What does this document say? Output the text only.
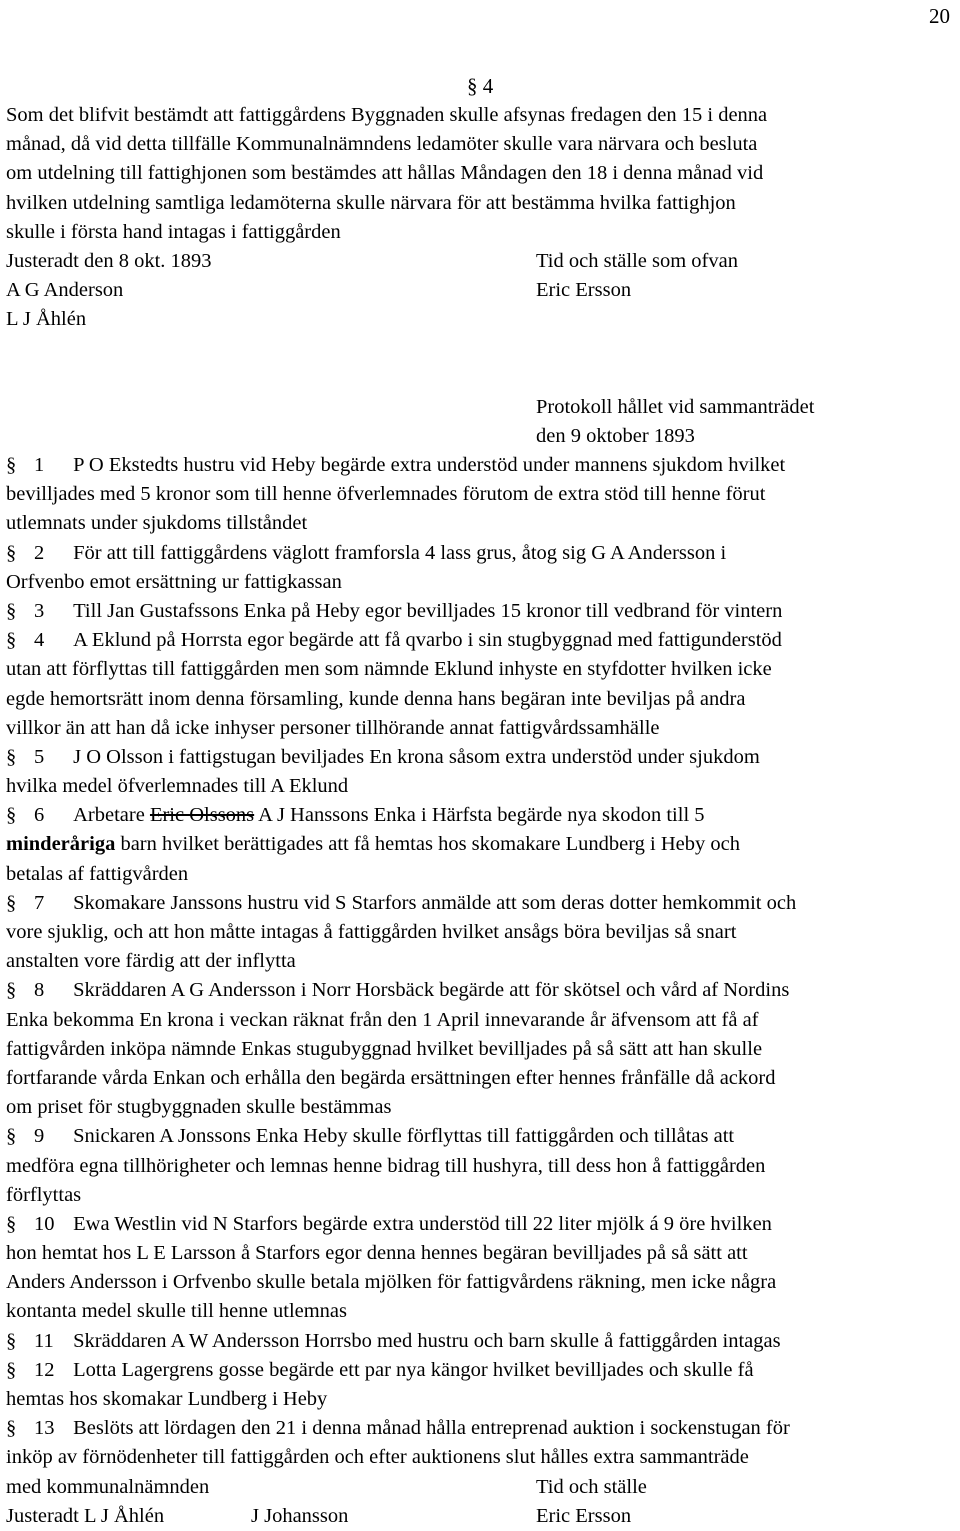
20
§ 4
Som det blifvit bestämdt att fattiggårdens Byggnaden skulle afsynas fredagen den 15 i denna
månad, då vid detta tillfälle Kommunalnämndens ledamöter skulle vara närvara och besluta
om utdelning till fattighjonen som bestämdes att hållas Måndagen den 18 i denna månad vid
hvilken utdelning samtliga ledamöterna skulle närvara för att bestämma hvilka fattighjon
skulle i första hand intagas i fattiggården
Justeradt den 8 okt. 1893	Tid och ställe som ofvan
A G Anderson	Eric Ersson
L J Åhlén
Protokoll hållet vid sammanträdet
den 9 oktober 1893
§ 1 P O Ekstedts hustru vid Heby begärde extra understöd under mannens sjukdom hvilket
bevilljades med 5 kronor som till henne öfverlemnades förutom de extra stöd till henne förut
utlemnats under sjukdoms tillståndet
§ 2 För att till fattiggårdens väglott framforsla 4 lass grus, åtog sig G A Andersson i
Orfvenbo emot ersättning ur fattigkassan
§ 3 Till Jan Gustafssons Enka på Heby egor bevilljades 15 kronor till vedbrand för vintern
§ 4 A Eklund på Horrsta egor begärde att få qvarbo i sin stugbyggnad med fattigunderstöd
utan att förflyttas till fattiggården men som nämnde Eklund inhyste en styfdotter hvilken icke
egde hemortsrätt inom denna församling, kunde denna hans begäran inte beviljas på andra
villkor än att han då icke inhyser personer tillhörande annat fattigvårdssamhälle
§ 5 J O Olsson i fattigstugan beviljades En krona såsom extra understöd under sjukdom
hvilka medel öfverlemnades till A Eklund
§ 6 Arbetare Eric Olssons A J Hanssons Enka i Härfsta begärde nya skodon till 5
minderåriga barn hvilket berättigades att få hemtas hos skomakare Lundberg i Heby och
betalas af fattigvården
§ 7 Skomakare Janssons hustru vid S Starfors anmälde att som deras dotter hemkommit och
vore sjuklig, och att hon måtte intagas å fattiggården hvilket ansågs böra beviljas så snart
anstalten vore färdig att der inflytta
§ 8 Skräddaren A G Andersson i Norr Horsbäck begärde att för skötsel och vård af Nordins
Enka bekomma En krona i veckan räknat från den 1 April innevarande år äfvensom att få af
fattigvården inköpa nämnde Enkas stugubyggnad hvilket bevilljades på så sätt att han skulle
fortfarande vårda Enkan och erhålla den begärda ersättningen efter hennes frånfälle då ackord
om priset för stugbyggnaden skulle bestämmas
§ 9 Snickaren A Jonssons Enka Heby skulle förflyttas till fattiggården och tillåtas att
medföra egna tillhörigheter och lemnas henne bidrag till hushyra, till dess hon å fattiggården
förflyttas
§ 10 Ewa Westlin vid N Starfors begärde extra understöd till 22 liter mjölk á 9 öre hvilken
hon hemtat hos L E Larsson å Starfors egor denna hennes begäran bevilljades på så sätt att
Anders Andersson i Orfvenbo skulle betala mjölken för fattigvårdens räkning, men icke några
kontanta medel skulle till henne utlemnas
§ 11 Skräddaren A W Andersson Horrsbo med hustru och barn skulle å fattiggården intagas
§ 12 Lotta Lagergrens gosse begärde ett par nya kängor hvilket bevilljades och skulle få
hemtas hos skomakar Lundberg i Heby
§ 13 Beslöts att lördagen den 21 i denna månad hålla entreprenad auktion i sockenstugan för
inköp av förnödenheter till fattiggården och efter auktionens slut hålles extra sammanträde
med kommunalnämnden	Tid och ställe
Justeradt L J Åhlén	J Johansson	Eric Ersson
